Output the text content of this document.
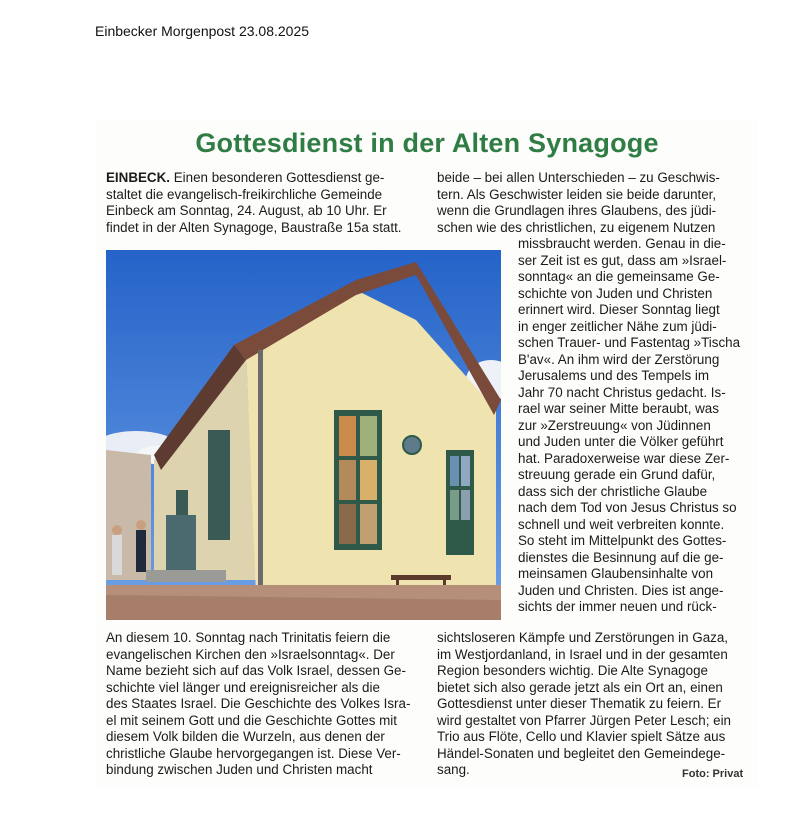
Einbecker Morgenpost 23.08.2025
Gottesdienst in der Alten Synagoge
EINBECK. Einen besonderen Gottesdienst ge-
staltet die evangelisch-freikirchliche Gemeinde
Einbeck am Sonntag, 24. August, ab 10 Uhr. Er
findet in der Alten Synagoge, Baustraße 15a statt.
An diesem 10. Sonntag nach Trinitatis feiern die
evangelischen Kirchen den »Israelsonntag«. Der
Name bezieht sich auf das Volk Israel, dessen Ge-
schichte viel länger und ereignisreicher als die
des Staates Israel. Die Geschichte des Volkes Isra-
el mit seinem Gott und die Geschichte Gottes mit
diesem Volk bilden die Wurzeln, aus denen der
christliche Glaube hervorgegangen ist. Diese Ver-
bindung zwischen Juden und Christen macht
beide – bei allen Unterschieden – zu Geschwis-
tern. Als Geschwister leiden sie beide darunter,
wenn die Grundlagen ihres Glaubens, des jüdi-
schen wie des christlichen, zu eigenem Nutzen
missbraucht werden. Genau in die-
ser Zeit ist es gut, dass am »Israel-
sonntag« an die gemeinsame Ge-
schichte von Juden und Christen
erinnert wird. Dieser Sonntag liegt
in enger zeitlicher Nähe zum jüdi-
schen Trauer- und Fastentag »Tischa
B'av«. An ihm wird der Zerstörung
Jerusalems und des Tempels im
Jahr 70 nacht Christus gedacht. Is-
rael war seiner Mitte beraubt, was
zur »Zerstreuung« von Jüdinnen
und Juden unter die Völker geführt
hat. Paradoxerweise war diese Zer-
streuung gerade ein Grund dafür,
dass sich der christliche Glaube
nach dem Tod von Jesus Christus so
schnell und weit verbreiten konnte.
So steht im Mittelpunkt des Gottes-
dienstes die Besinnung auf die ge-
meinsamen Glaubensinhalte von
Juden und Christen. Dies ist ange-
sichts der immer neuen und rück-
sichtsloseren Kämpfe und Zerstörungen in Gaza,
im Westjordanland, in Israel und in der gesamten
Region besonders wichtig. Die Alte Synagoge
bietet sich also gerade jetzt als ein Ort an, einen
Gottesdienst unter dieser Thematik zu feiern. Er
wird gestaltet von Pfarrer Jürgen Peter Lesch; ein
Trio aus Flöte, Cello und Klavier spielt Sätze aus
Händel-Sonaten und begleitet den Gemeindege-
sang.	Foto: Privat
